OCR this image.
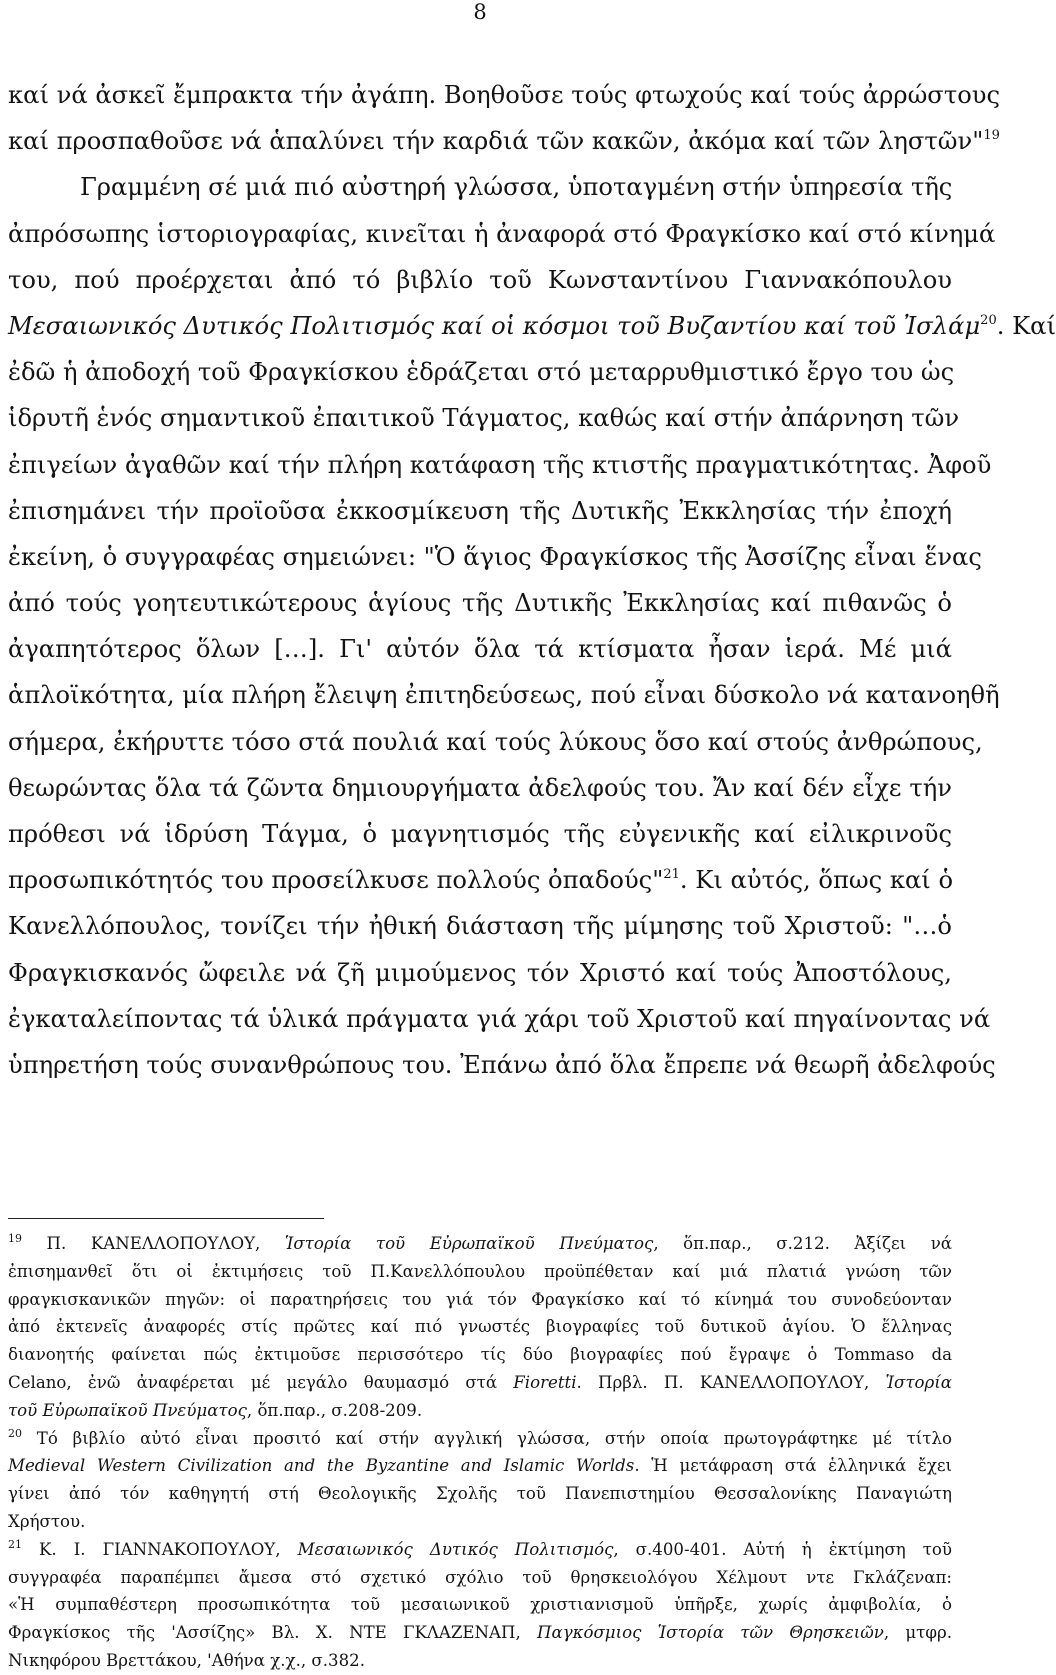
8
καί νά ἀσκεῖ ἔμπρακτα τήν ἀγάπη. Βοηθοῦσε τούς φτωχούς καί τούς ἀρρώστους
καί προσπαθοῦσε νά ἁπαλύνει τήν καρδιά τῶν κακῶν, ἀκόμα καί τῶν ληστῶν"$^{19}$
Γραμμένη σέ μιά πιό αὐστηρή γλώσσα, ὑποταγμένη στήν ὑπηρεσία τῆς
ἀπρόσωπης ἱστοριογραφίας, κινεῖται ἡ ἀναφορά στό Φραγκίσκο καί στό κίνημά
του, πού προέρχεται ἀπό τό βιβλίο τοῦ Κωνσταντίνου Γιαννακόπουλου
Μεσαιωνικός Δυτικός Πολιτισμός καί οἱ κόσμοι τοῦ Βυζαντίου καί τοῦ Ἰσλάμ$^{20}$. Καί
ἐδῶ ἡ ἀποδοχή τοῦ Φραγκίσκου ἑδράζεται στό μεταρρυθμιστικό ἔργο του ὡς
ἱδρυτῆ ἑνός σημαντικοῦ ἐπαιτικοῦ Τάγματος, καθώς καί στήν ἀπάρνηση τῶν
ἐπιγείων ἀγαθῶν καί τήν πλήρη κατάφαση τῆς κτιστῆς πραγματικότητας. Ἀφοῦ
ἐπισημάνει τήν προϊοῦσα ἐκκοσμίκευση τῆς Δυτικῆς Ἐκκλησίας τήν ἐποχή
ἐκείνη, ὁ συγγραφέας σημειώνει: "Ὁ ἅγιος Φραγκίσκος τῆς Ἀσσίζης εἶναι ἕνας
ἀπό τούς γοητευτικώτερους ἁγίους τῆς Δυτικῆς Ἐκκλησίας καί πιθανῶς ὁ
ἀγαπητότερος ὅλων […]. Γι' αὐτόν ὅλα τά κτίσματα ἦσαν ἱερά. Μέ μιά
ἁπλοϊκότητα, μία πλήρη ἔλειψη ἐπιτηδεύσεως, πού εἶναι δύσκολο νά κατανοηθῆ
σήμερα, ἐκήρυττε τόσο στά πουλιά καί τούς λύκους ὅσο καί στούς ἀνθρώπους,
θεωρώντας ὅλα τά ζῶντα δημιουργήματα ἀδελφούς του. Ἄν καί δέν εἶχε τήν
πρόθεσι νά ἱδρύση Τάγμα, ὁ μαγνητισμός τῆς εὐγενικῆς καί εἰλικρινοῦς
προσωπικότητός του προσείλκυσε πολλούς ὀπαδούς"$^{21}$. Κι αὐτός, ὅπως καί ὁ
Κανελλόπουλος, τονίζει τήν ἠθική διάσταση τῆς μίμησης τοῦ Χριστοῦ: "…ὁ
Φραγκισκανός ὤφειλε νά ζῆ μιμούμενος τόν Χριστό καί τούς Ἀποστόλους,
ἐγκαταλείποντας τά ὑλικά πράγματα γιά χάρι τοῦ Χριστοῦ καί πηγαίνοντας νά
ὑπηρετήση τούς συνανθρώπους του. Ἐπάνω ἀπό ὅλα ἔπρεπε νά θεωρῆ ἀδελφούς
$^{19}$ Π. ΚΑΝΕΛΛΟΠΟΥΛΟΥ, Ἱστορία τοῦ Εὐρωπαϊκοῦ Πνεύματος, ὅπ.παρ., σ.212. Ἀξίζει νά
ἐπισημανθεῖ ὅτι οἱ ἐκτιμήσεις τοῦ Π.Κανελλόπουλου προϋπέθεταν καί μιά πλατιά γνώση τῶν
φραγκισκανικῶν πηγῶν: οἱ παρατηρήσεις του γιά τόν Φραγκίσκο καί τό κίνημά του συνοδεύονταν
ἀπό ἐκτενεῖς ἀναφορές στίς πρῶτες καί πιό γνωστές βιογραφίες τοῦ δυτικοῦ ἁγίου. Ὁ ἕλληνας
διανοητής φαίνεται πώς ἐκτιμοῦσε περισσότερο τίς δύο βιογραφίες πού ἔγραψε ὁ Tommaso da
Celano, ἐνῶ ἀναφέρεται μέ μεγάλο θαυμασμό στά Fioretti. Πρβλ. Π. ΚΑΝΕΛΛΟΠΟΥΛΟΥ, Ἱστορία
τοῦ Εὐρωπαϊκοῦ Πνεύματος, ὅπ.παρ., σ.208-209.
$^{20}$ Τό βιβλίο αὐτό εἶναι προσιτό καί στήν αγγλική γλώσσα, στήν οποία πρωτογράφτηκε μέ τίτλο
Medieval Western Civilization and the Byzantine and Islamic Worlds. Ἡ μετάφραση στά ἑλληνικά ἔχει
γίνει ἀπό τόν καθηγητή στή Θεολογικῆς Σχολῆς τοῦ Πανεπιστημίου Θεσσαλονίκης Παναγιώτη
Χρήστου.
$^{21}$ Κ. Ι. ΓΙΑΝΝΑΚΟΠΟΥΛΟΥ, Μεσαιωνικός Δυτικός Πολιτισμός, σ.400-401. Αὐτή ἡ ἐκτίμηση τοῦ
συγγραφέα παραπέμπει ἄμεσα στό σχετικό σχόλιο τοῦ θρησκειολόγου Χέλμουτ ντε Γκλάζεναπ:
«Ἡ συμπαθέστερη προσωπικότητα τοῦ μεσαιωνικοῦ χριστιανισμοῦ ὑπῆρξε, χωρίς ἀμφιβολία, ὁ
Φραγκίσκος τῆς 'Ασσίζης» Βλ. Χ. ΝΤΕ ΓΚΛΑΖΕΝΑΠ, Παγκόσμιος Ἱστορία τῶν Θρησκειῶν, μτφρ.
Νικηφόρου Βρεττάκου, 'Αθήνα χ.χ., σ.382.
